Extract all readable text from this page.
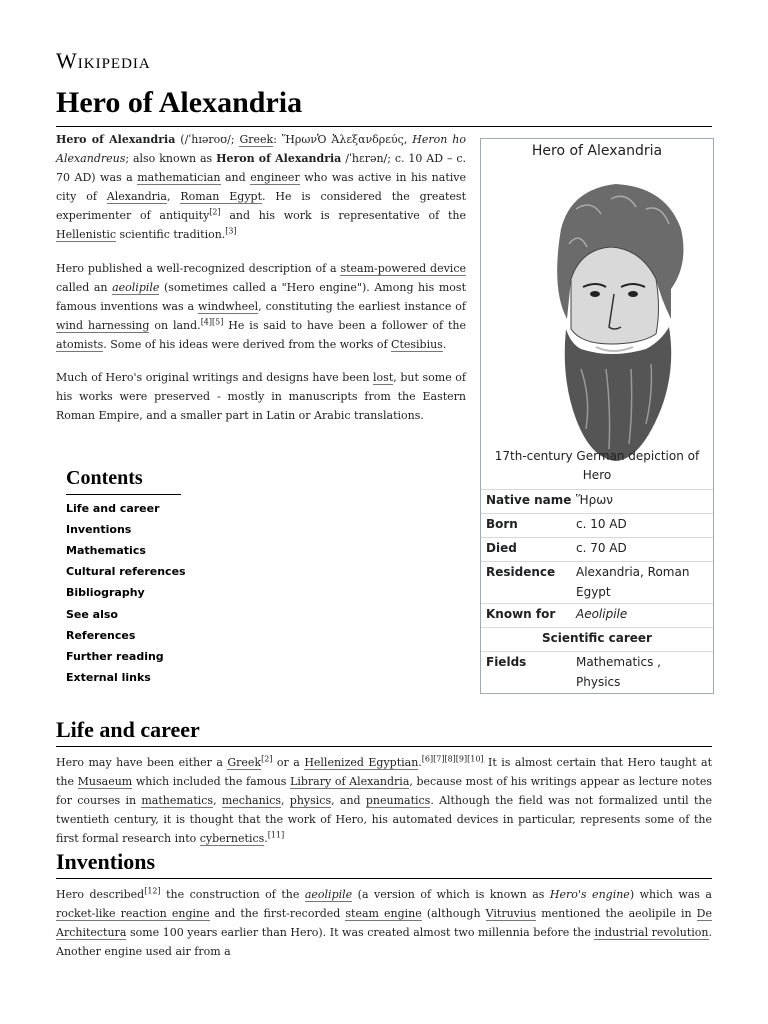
Wikipedia
Hero of Alexandria
Hero of Alexandria (/ˈhɪəroʊ/; Greek: ἭρωνὉ Ἀλεξανδρεύς, Heron ho Alexandreus; also known as Heron of Alexandria /ˈhɛrən/; c. 10 AD – c. 70 AD) was a mathematician and engineer who was active in his native city of Alexandria, Roman Egypt. He is considered the greatest experimenter of antiquity[2] and his work is representative of the Hellenistic scientific tradition.[3]
Hero published a well-recognized description of a steam-powered device called an aeolipile (sometimes called a "Hero engine"). Among his most famous inventions was a windwheel, constituting the earliest instance of wind harnessing on land.[4][5] He is said to have been a follower of the atomists. Some of his ideas were derived from the works of Ctesibius.
Much of Hero's original writings and designs have been lost, but some of his works were preserved - mostly in manuscripts from the Eastern Roman Empire, and a smaller part in Latin or Arabic translations.
Hero of Alexandria
17th-century German depiction of Hero
Native name Ἥρων
Born	c. 10 AD
Died	c. 70 AD
Residence Alexandria, Roman Egypt
Known for Aeolipile
Scientific career
Fields	Mathematics , Physics
Contents
Life and career
Inventions
Mathematics
Cultural references
Bibliography
See also
References
Further reading
External links
Life and career
Hero may have been either a Greek[2] or a Hellenized Egyptian.[6][7][8][9][10] It is almost certain that Hero taught at the Musaeum which included the famous Library of Alexandria, because most of his writings appear as lecture notes for courses in mathematics, mechanics, physics, and pneumatics. Although the field was not formalized until the twentieth century, it is thought that the work of Hero, his automated devices in particular, represents some of the first formal research into cybernetics.[11]
Inventions
Hero described[12] the construction of the aeolipile (a version of which is known as Hero's engine) which was a rocket-like reaction engine and the first-recorded steam engine (although Vitruvius mentioned the aeolipile in De Architectura some 100 years earlier than Hero). It was created almost two millennia before the industrial revolution. Another engine used air from a
